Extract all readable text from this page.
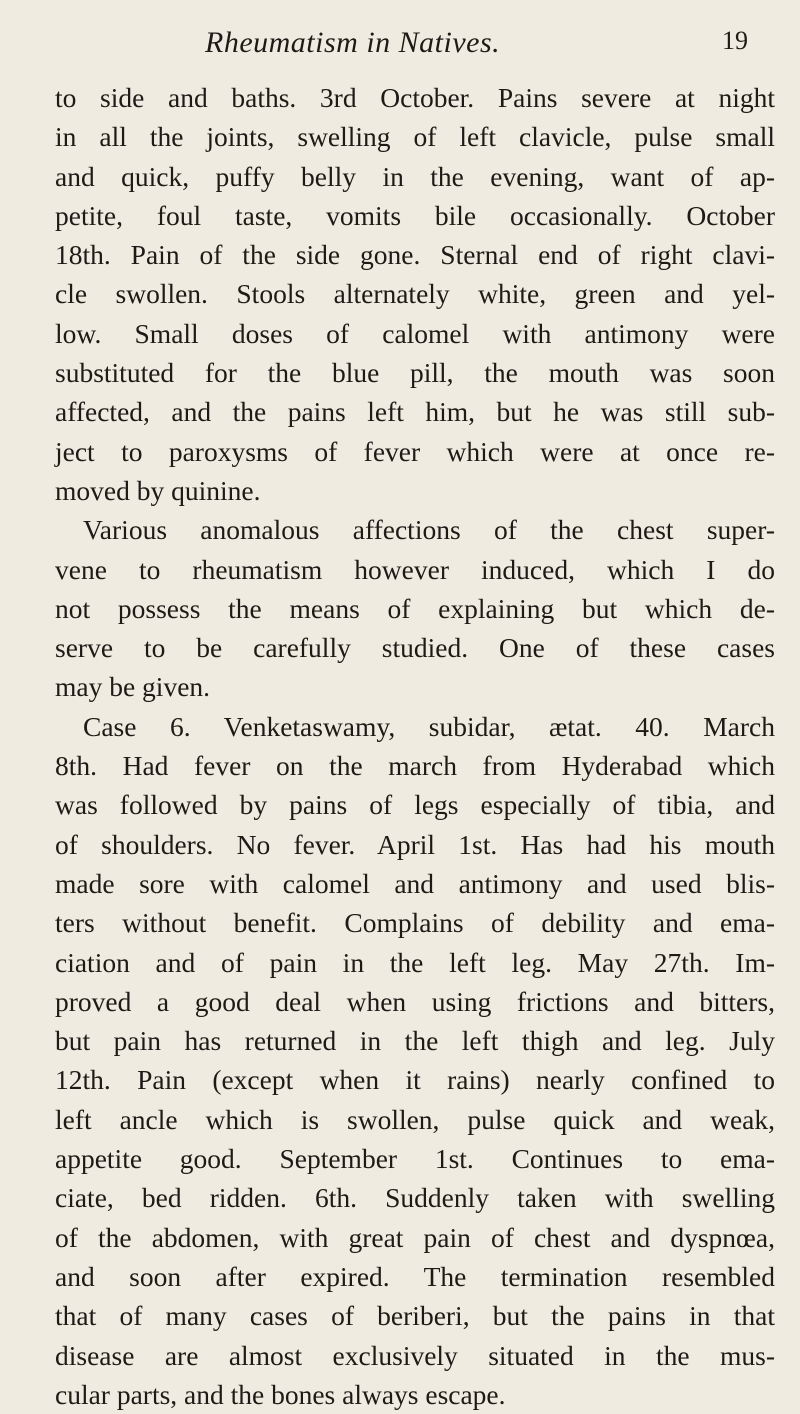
Rheumatism in Natives.	19
to side and baths. 3rd October. Pains severe at night
in all the joints, swelling of left clavicle, pulse small
and quick, puffy belly in the evening, want of ap-
petite, foul taste, vomits bile occasionally. October
18th. Pain of the side gone. Sternal end of right clavi-
cle swollen. Stools alternately white, green and yel-
low. Small doses of calomel with antimony were
substituted for the blue pill, the mouth was soon
affected, and the pains left him, but he was still sub-
ject to paroxysms of fever which were at once re-
moved by quinine.
Various anomalous affections of the chest super-
vene to rheumatism however induced, which I do
not possess the means of explaining but which de-
serve to be carefully studied. One of these cases
may be given.
Case 6. Venketaswamy, subidar, ætat. 40. March
8th. Had fever on the march from Hyderabad which
was followed by pains of legs especially of tibia, and
of shoulders. No fever. April 1st. Has had his mouth
made sore with calomel and antimony and used blis-
ters without benefit. Complains of debility and ema-
ciation and of pain in the left leg. May 27th. Im-
proved a good deal when using frictions and bitters,
but pain has returned in the left thigh and leg. July
12th. Pain (except when it rains) nearly confined to
left ancle which is swollen, pulse quick and weak,
appetite good. September 1st. Continues to ema-
ciate, bed ridden. 6th. Suddenly taken with swelling
of the abdomen, with great pain of chest and dyspnœa,
and soon after expired. The termination resembled
that of many cases of beriberi, but the pains in that
disease are almost exclusively situated in the mus-
cular parts, and the bones always escape.
